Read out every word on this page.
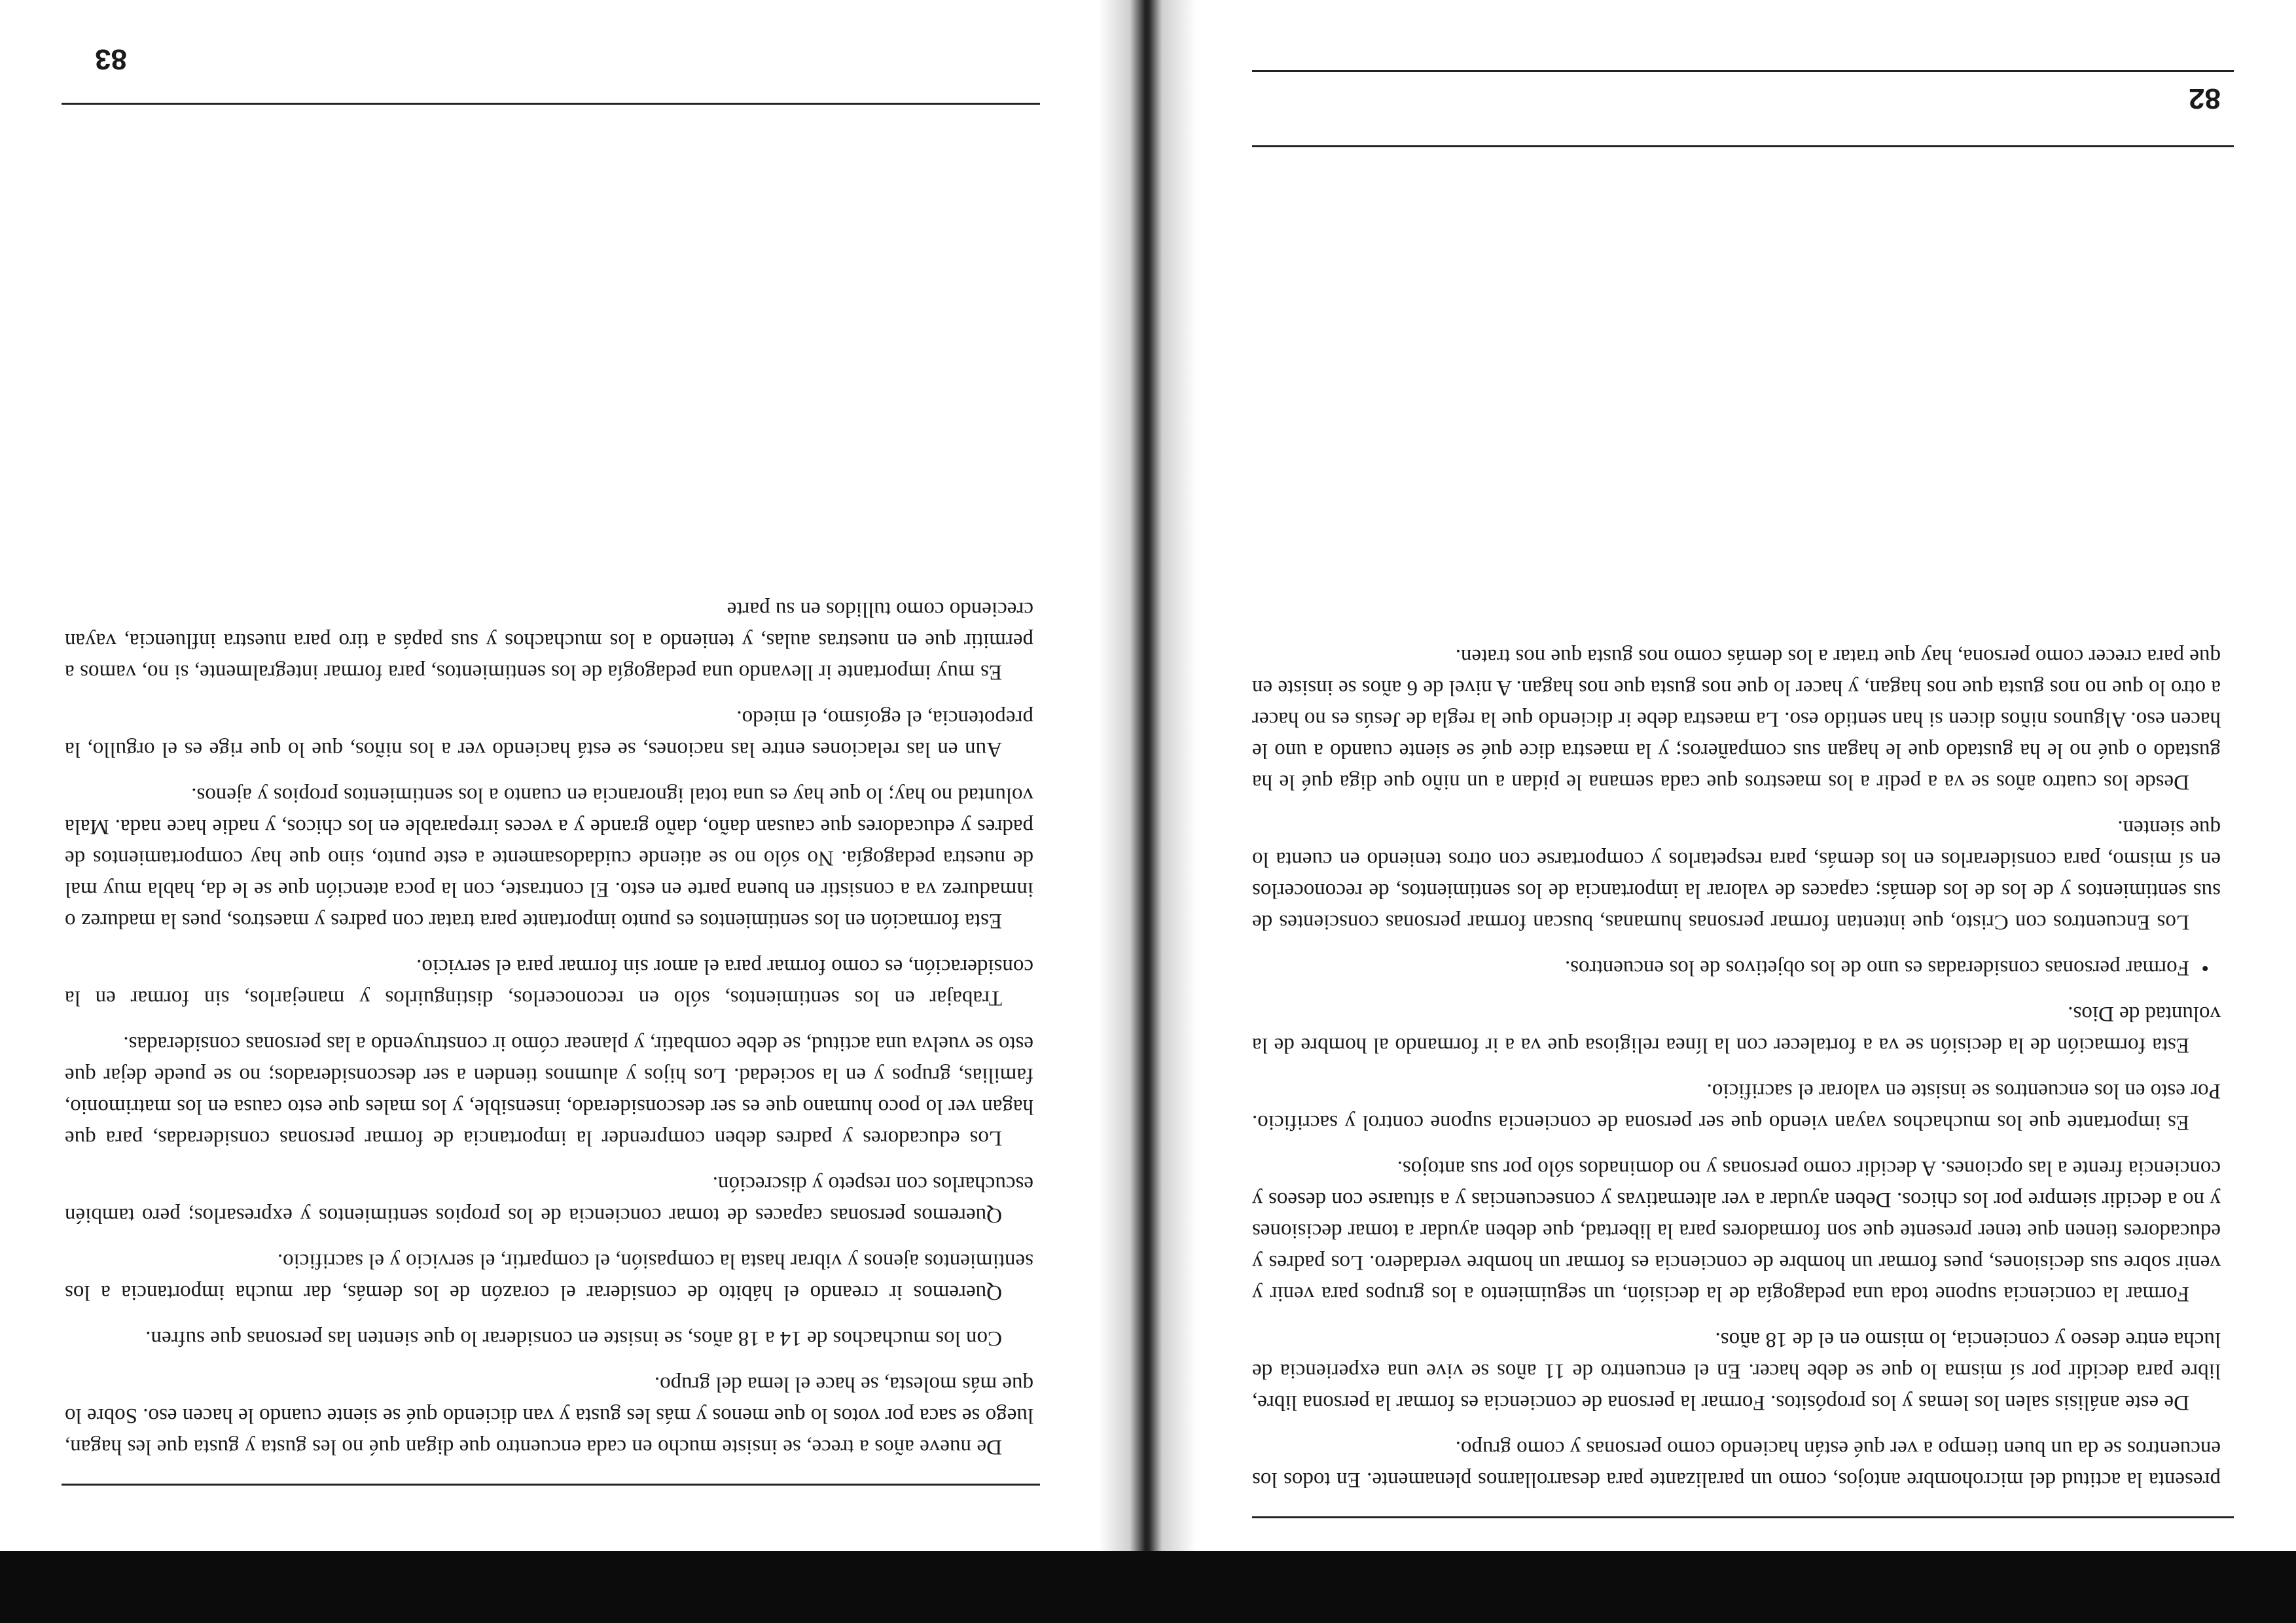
presenta la actitud del microhombre antojos, como un paralizante para desarrollarnos plenamente. En todos los encuentros se da un buen tiempo a ver qué están haciendo como personas y como grupo.

De este análisis salen los lemas y los propósitos. Formar la persona de conciencia es formar la persona libre, libre para decidir por sí misma lo que se debe hacer. En el encuentro de 11 años se vive una experiencia de lucha entre deseo y conciencia, lo mismo en el de 18 años.

Formar la conciencia supone toda una pedagogía de la decisión, un seguimiento a los grupos para venir y venir sobre sus decisiones, pues formar un hombre de conciencia es formar un hombre verdadero. Los padres y educadores tienen que tener presente que son formadores para la libertad, que deben ayudar a tomar decisiones y no a decidir siempre por los chicos. Deben ayudar a ver alternativas y consecuencias y a situarse con deseos y conciencia frente a las opciones. A decidir como personas y no dominados sólo por sus antojos.

Es importante que los muchachos vayan viendo que ser persona de conciencia supone control y sacrificio. Por esto en los encuentros se insiste en valorar el sacrificio.

Esta formación de la decisión se va a fortalecer con la línea religiosa que va a ir formando al hombre de la voluntad de Dios.

•
Formar personas consideradas es uno de los objetivos de los encuentros.

Los Encuentros con Cristo, que intentan formar personas humanas, buscan formar personas conscientes de sus sentimientos y de los de los demás; capaces de valorar la importancia de los sentimientos, de reconocerlos en sí mismo, para considerarlos en los demás, para respetarlos y comportarse con otros teniendo en cuenta lo que sienten.

Desde los cuatro años se va a pedir a los maestros que cada semana le pidan a un niño que diga qué le ha gustado o qué no le ha gustado que le hagan sus compañeros; y la maestra dice qué se siente cuando a uno le hacen eso. Algunos niños dicen si han sentido eso. La maestra debe ir diciendo que la regla de Jesús es no hacer a otro lo que no nos gusta que nos hagan, y hacer lo que nos gusta que nos hagan. A nivel de 6 años se insiste en que para crecer como persona, hay que tratar a los demás como nos gusta que nos traten.

82

De nueve años a trece, se insiste mucho en cada encuentro que digan qué no les gusta y gusta que les hagan, luego se saca por votos lo que menos y más les gusta y van diciendo qué se siente cuando le hacen eso. Sobre lo que más molesta, se hace el lema del grupo.

Con los muchachos de 14 a 18 años, se insiste en considerar lo que sienten las personas que sufren.

Queremos ir creando el hábito de considerar el corazón de los demás, dar mucha importancia a los sentimientos ajenos y vibrar hasta la compasión, el compartir, el servicio y el sacrificio.

Queremos personas capaces de tomar conciencia de los propios sentimientos y expresarlos; pero también escucharlos con respeto y discreción.

Los educadores y padres deben comprender la importancia de formar personas consideradas, para que hagan ver lo poco humano que es ser desconsiderado, insensible, y los males que esto causa en los matrimonio, familias, grupos y en la sociedad. Los hijos y alumnos tienden a ser desconsiderados; no se puede dejar que esto se vuelva una actitud, se debe combatir, y planear cómo ir construyendo a las personas consideradas.

Trabajar en los sentimientos, sólo en reconocerlos, distinguirlos y manejarlos, sin formar en la consideración, es como formar para el amor sin formar para el servicio.

Esta formación en los sentimientos es punto importante para tratar con padres y maestros, pues la madurez o inmadurez va a consistir en buena parte en esto. El contraste, con la poca atención que se le da, habla muy mal de nuestra pedagogía. No sólo no se atiende cuidadosamente a este punto, sino que hay comportamientos de padres y educadores que causan daño, daño grande y a veces irreparable en los chicos, y nadie hace nada. Mala voluntad no hay; lo que hay es una total ignorancia en cuanto a los sentimientos propios y ajenos.

Aun en las relaciones entre las naciones, se está haciendo ver a los niños, que lo que rige es el orgullo, la prepotencia, el egoísmo, el miedo.

Es muy importante ir llevando una pedagogía de los sentimientos, para formar integralmente, si no, vamos a permitir que en nuestras aulas, y teniendo a los muchachos y sus papás a tiro para nuestra influencia, vayan creciendo como tullidos en su parte

83
